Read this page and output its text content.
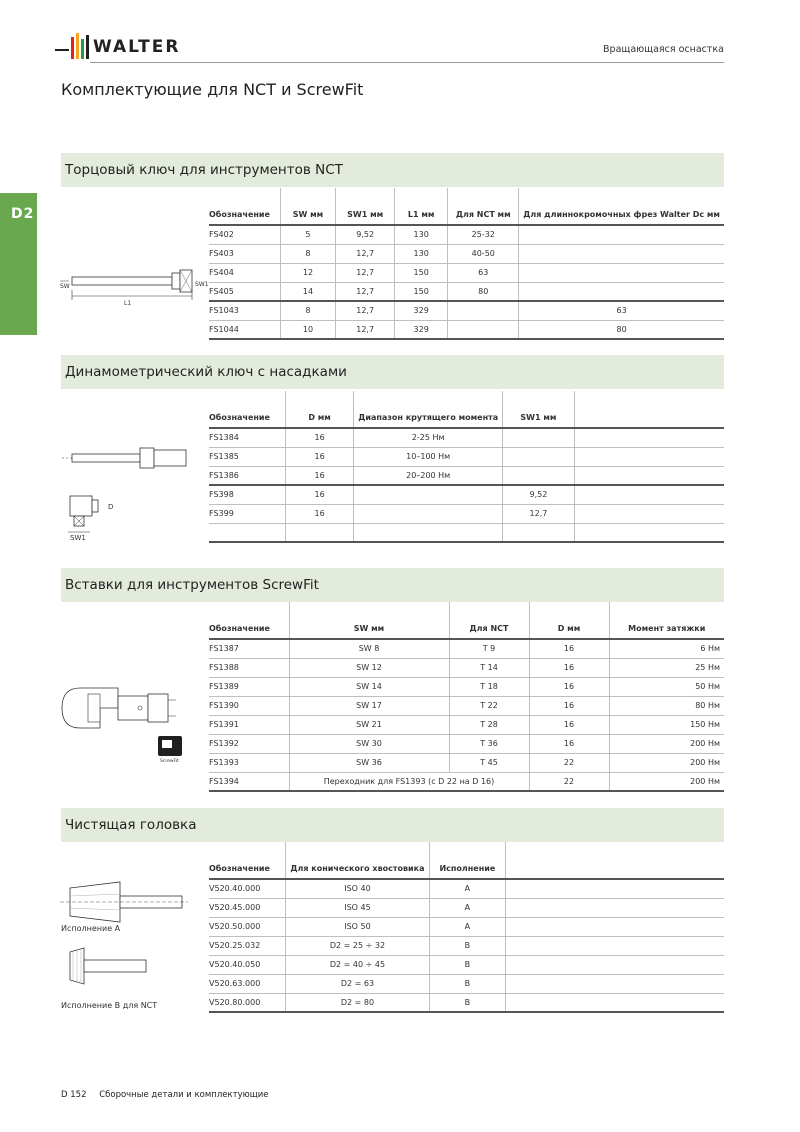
WALTER	Вращающаяся оснастка
Комплектующие для NCT и ScrewFit
D2
Торцовый ключ для инструментов NCT
SW	SW1
L1
Обозначение	SW мм	SW1 мм	L1 мм	Для NCT мм	Для длиннокромочных фрез Walter Dc мм
FS402	5	9,52	130	25-32	
FS403	8	12,7	130	40-50	
FS404	12	12,7	150	63	
FS405	14	12,7	150	80	
FS1043	8	12,7	329		63
FS1044	10	12,7	329		80
Динамометрический ключ с насадками
D
SW1
Обозначение	D мм	Диапазон крутящего момента	SW1 мм	
FS1384	16	2-25 Нм		
FS1385	16	10–100 Нм		
FS1386	16	20–200 Нм		
FS398	16		9,52	
FS399	16		12,7	

Вставки для инструментов ScrewFit
ScrewFit
Обозначение	SW мм	Для NCT	D мм	Момент затяжки
FS1387	SW 8	T 9	16	6 Нм
FS1388	SW 12	T 14	16	25 Нм
FS1389	SW 14	T 18	16	50 Нм
FS1390	SW 17	T 22	16	80 Нм
FS1391	SW 21	T 28	16	150 Нм
FS1392	SW 30	T 36	16	200 Нм
FS1393	SW 36	T 45	22	200 Нм
FS1394	Переходник для FS1393 (с D 22 на D 16)		22	200 Нм
Чистящая головка
Исполнение A
Исполнение B для NCT
Обозначение	Для конического хвостовика	Исполнение	
V520.40.000	ISO 40	A	
V520.45.000	ISO 45	A	
V520.50.000	ISO 50	A	
V520.25.032	D2 = 25 ÷ 32	B	
V520.40.050	D2 = 40 ÷ 45	B	
V520.63.000	D2 = 63	B	
V520.80.000	D2 = 80	B	
D 152 Сборочные детали и комплектующие
